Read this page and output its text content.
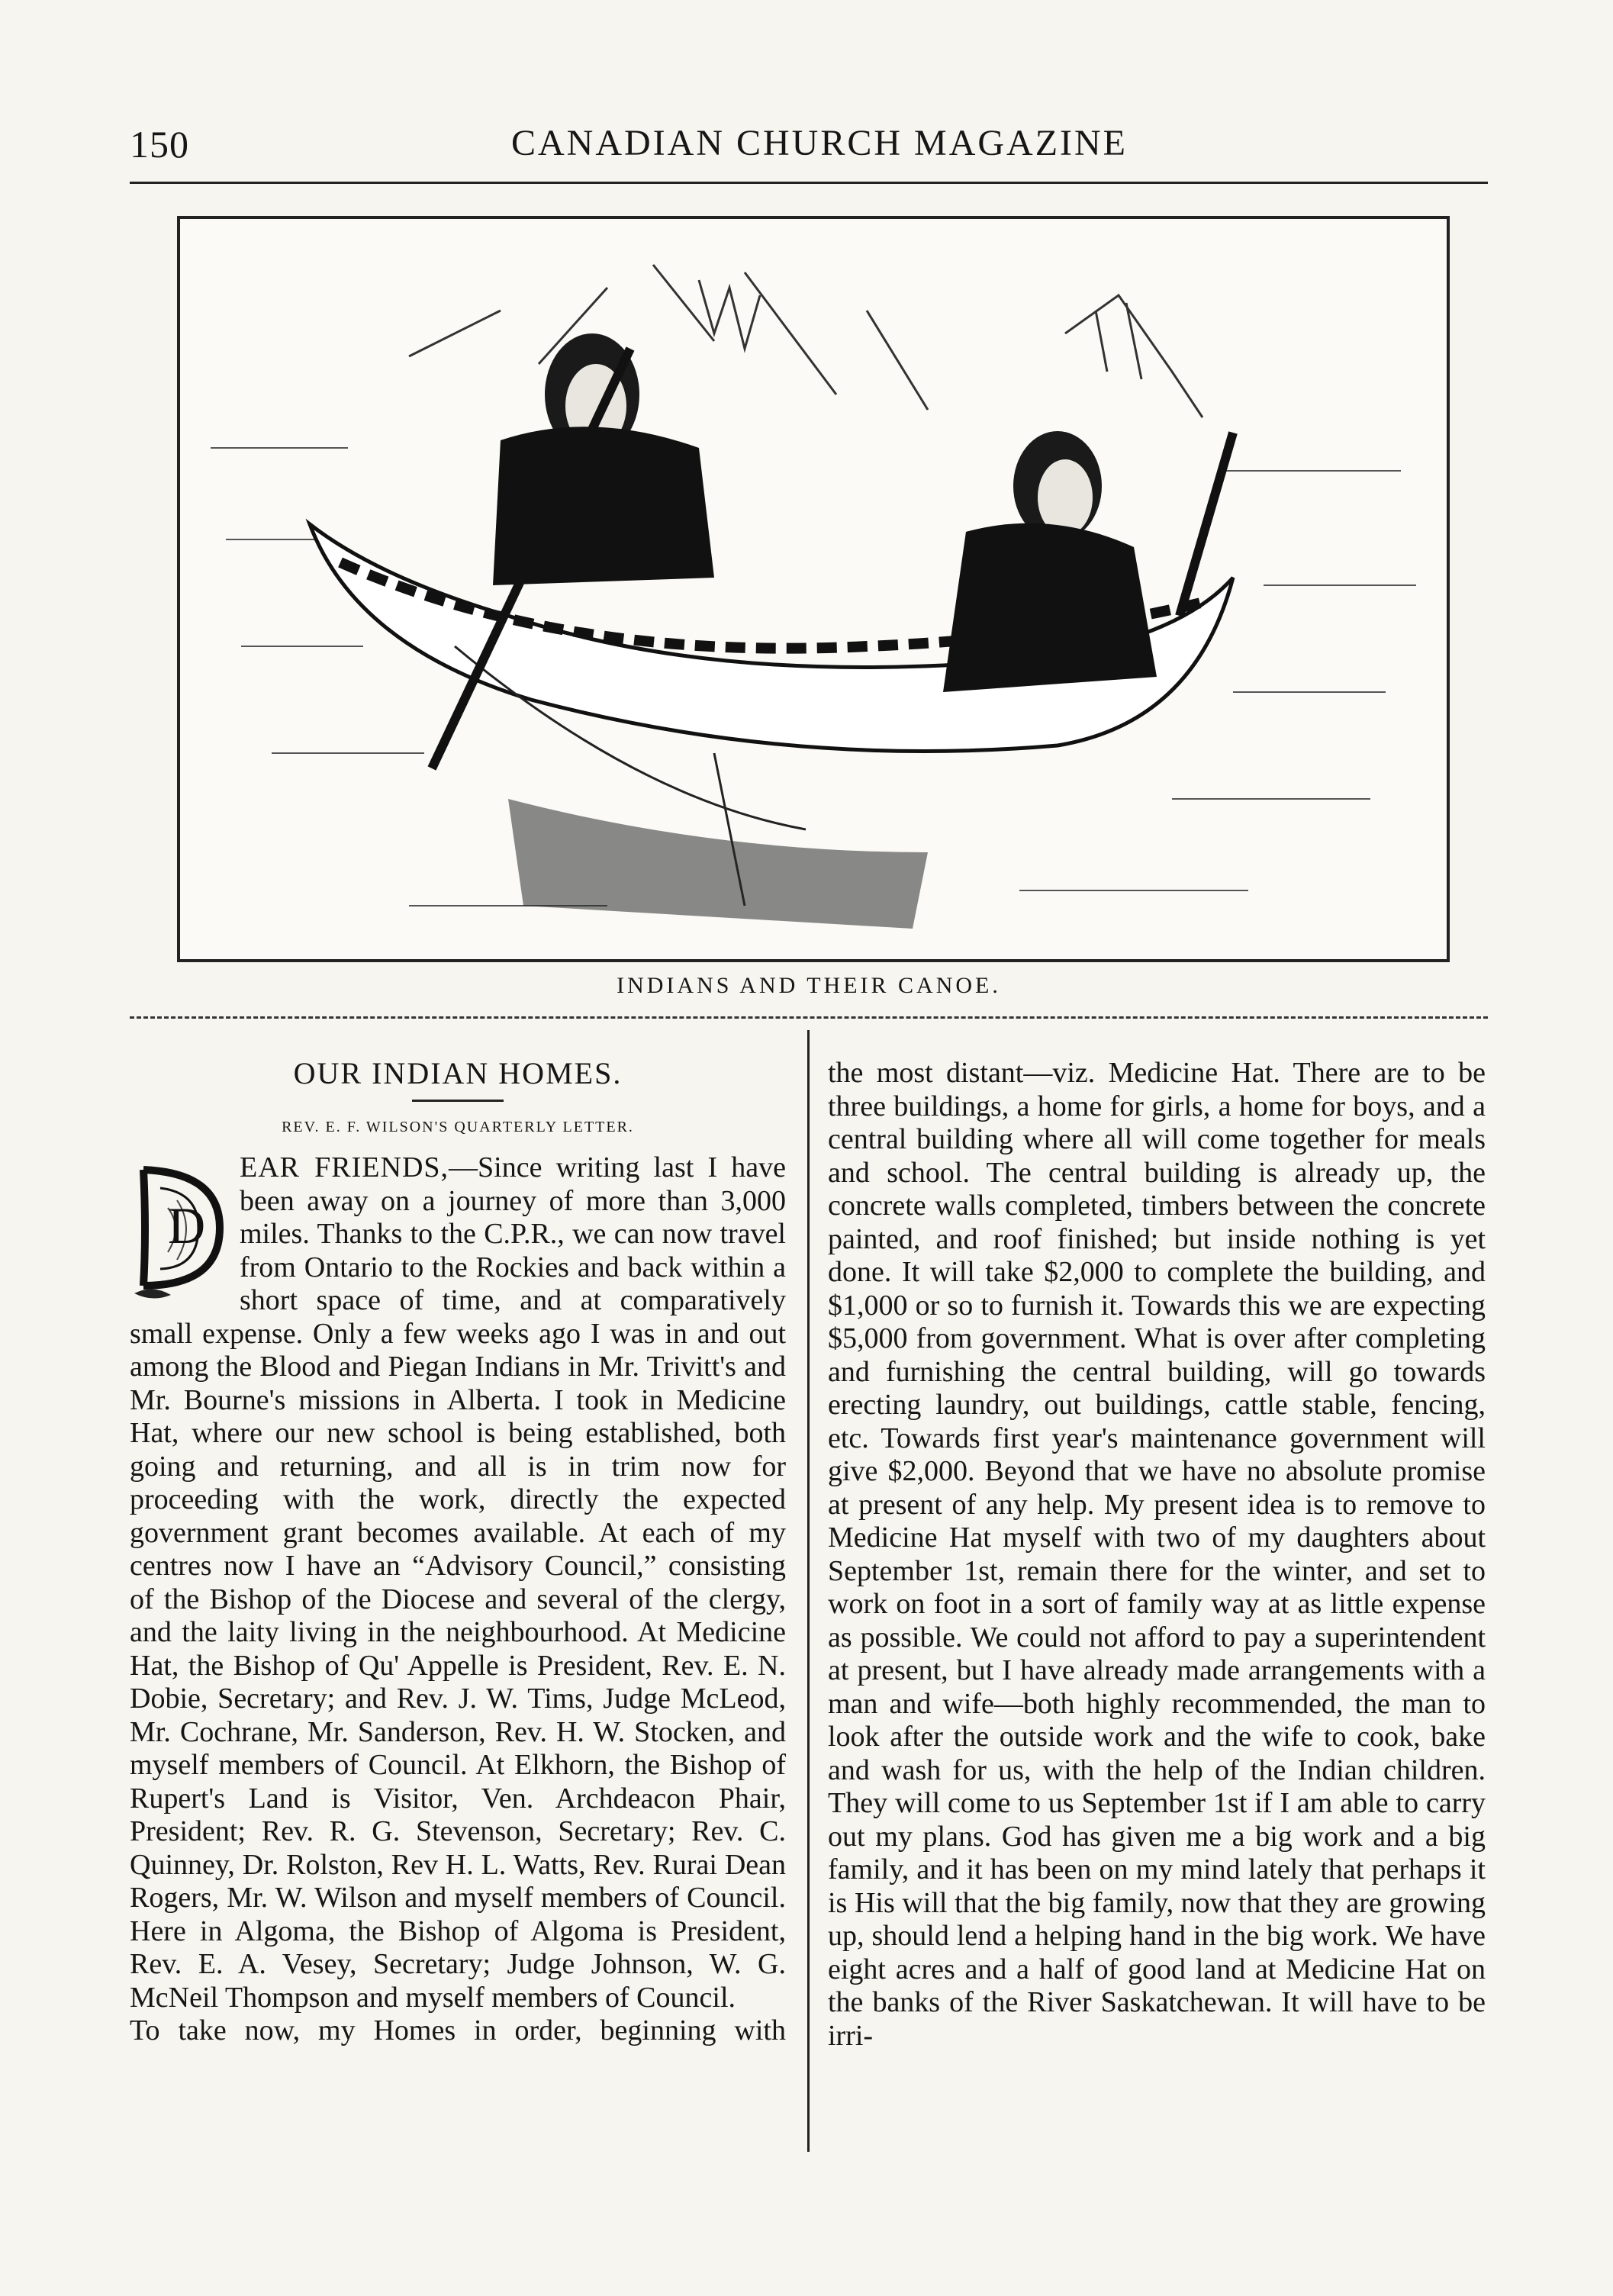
150	CANADIAN CHURCH MAGAZINE
INDIANS AND THEIR CANOE.
OUR INDIAN HOMES.
REV. E. F. WILSON'S QUARTERLY LETTER.

D
EAR FRIENDS,—Since writing last I have been away on a journey of more than 3,000 miles. Thanks to the C.P.R., we can now travel from Ontario to the Rockies and back within a short space of time, and at comparatively small expense. Only a few weeks ago I was in and out among the Blood and Piegan Indians in Mr. Trivitt's and Mr. Bourne's missions in Alberta. I took in Medicine Hat, where our new school is being established, both going and returning, and all is in trim now for proceeding with the work, directly the expected government grant becomes available. At each of my centres now I have an “Advisory Council,” consisting of the Bishop of the Diocese and several of the clergy, and the laity living in the neighbourhood. At Medicine Hat, the Bishop of Qu' Appelle is President, Rev. E. N. Dobie, Secretary; and Rev. J. W. Tims, Judge McLeod, Mr. Cochrane, Mr. Sanderson, Rev. H. W. Stocken, and myself members of Council. At Elkhorn, the Bishop of Rupert's Land is Visitor, Ven. Archdeacon Phair, President; Rev. R. G. Stevenson, Secretary; Rev. C. Quinney, Dr. Rolston, Rev H. L. Watts, Rev. Rurai Dean Rogers, Mr. W. Wilson and myself members of Council. Here in Algoma, the Bishop of Algoma is President, Rev. E. A. Vesey, Secretary; Judge Johnson, W. G. McNeil Thompson and myself members of Council.

To take now, my Homes in order, beginning with

the most distant—viz. Medicine Hat. There are to be three buildings, a home for girls, a home for boys, and a central building where all will come together for meals and school. The central building is already up, the concrete walls completed, timbers between the concrete painted, and roof finished; but inside nothing is yet done. It will take $2,000 to complete the building, and $1,000 or so to furnish it. Towards this we are expecting $5,000 from government. What is over after completing and furnishing the central building, will go towards erecting laundry, out buildings, cattle stable, fencing, etc. Towards first year's maintenance government will give $2,000. Beyond that we have no absolute promise at present of any help. My present idea is to remove to Medicine Hat myself with two of my daughters about September 1st, remain there for the winter, and set to work on foot in a sort of family way at as little expense as possible. We could not afford to pay a superintendent at present, but I have already made arrangements with a man and wife—both highly recommended, the man to look after the outside work and the wife to cook, bake and wash for us, with the help of the Indian children. They will come to us September 1st if I am able to carry out my plans. God has given me a big work and a big family, and it has been on my mind lately that perhaps it is His will that the big family, now that they are growing up, should lend a helping hand in the big work. We have eight acres and a half of good land at Medicine Hat on the banks of the River Saskatchewan. It will have to be irri-
